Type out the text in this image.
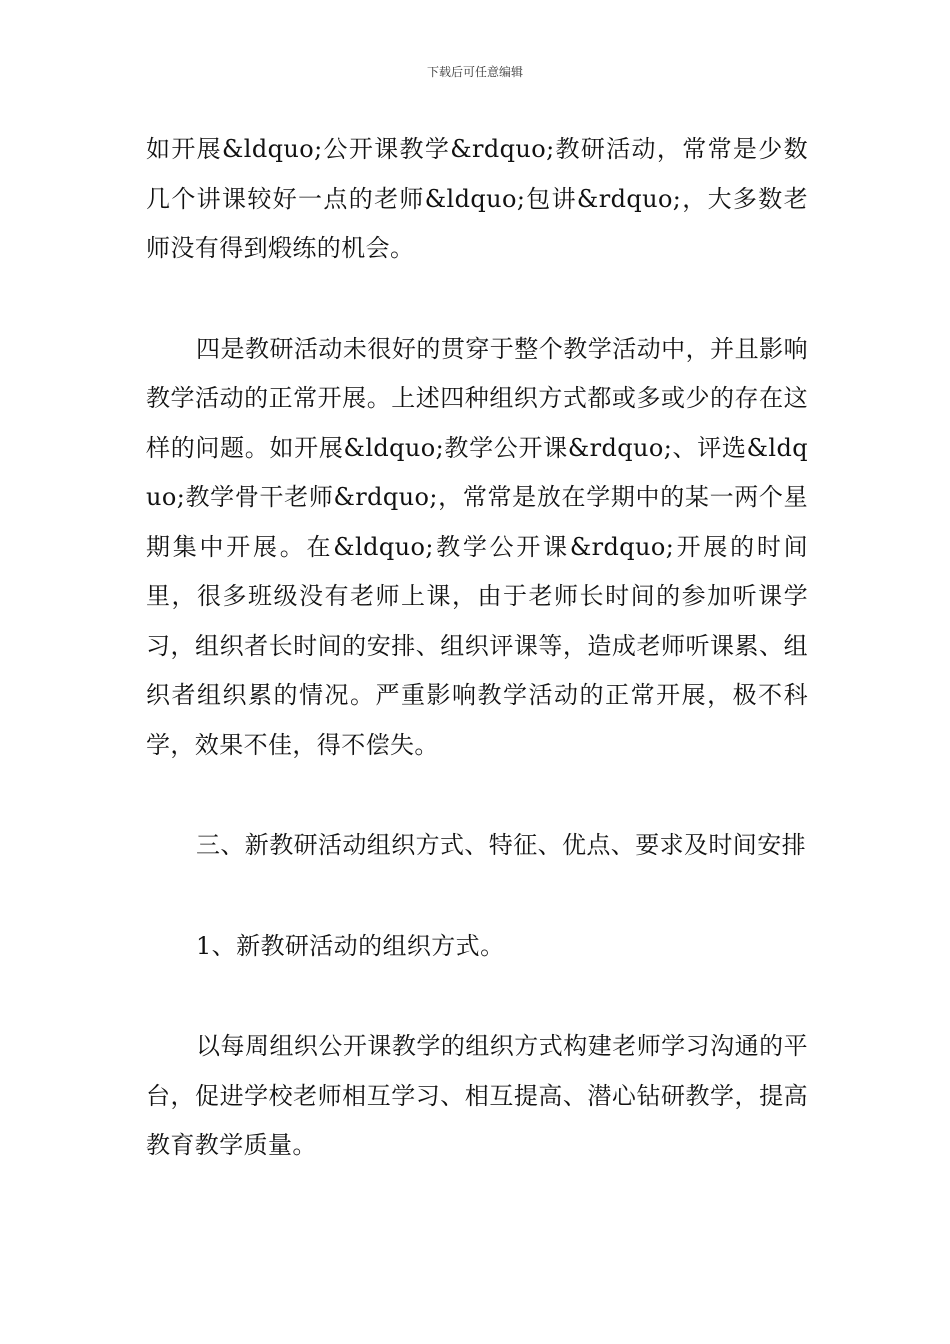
下载后可任意编辑

如开展&ldquo;公开课教学&rdquo;教研活动，常常是少数几个讲课较好一点的老师&ldquo;包讲&rdquo;，大多数老师没有得到煅练的机会。

四是教研活动未很好的贯穿于整个教学活动中，并且影响教学活动的正常开展。上述四种组织方式都或多或少的存在这样的问题。如开展&ldquo;教学公开课&rdquo;、评选&ldquo;教学骨干老师&rdquo;，常常是放在学期中的某一两个星期集中开展。在&ldquo;教学公开课&rdquo;开展的时间里，很多班级没有老师上课，由于老师长时间的参加听课学习，组织者长时间的安排、组织评课等，造成老师听课累、组织者组织累的情况。严重影响教学活动的正常开展，极不科学，效果不佳，得不偿失。

三、新教研活动组织方式、特征、优点、要求及时间安排

1、新教研活动的组织方式。

以每周组织公开课教学的组织方式构建老师学习沟通的平台，促进学校老师相互学习、相互提高、潜心钻研教学，提高教育教学质量。
